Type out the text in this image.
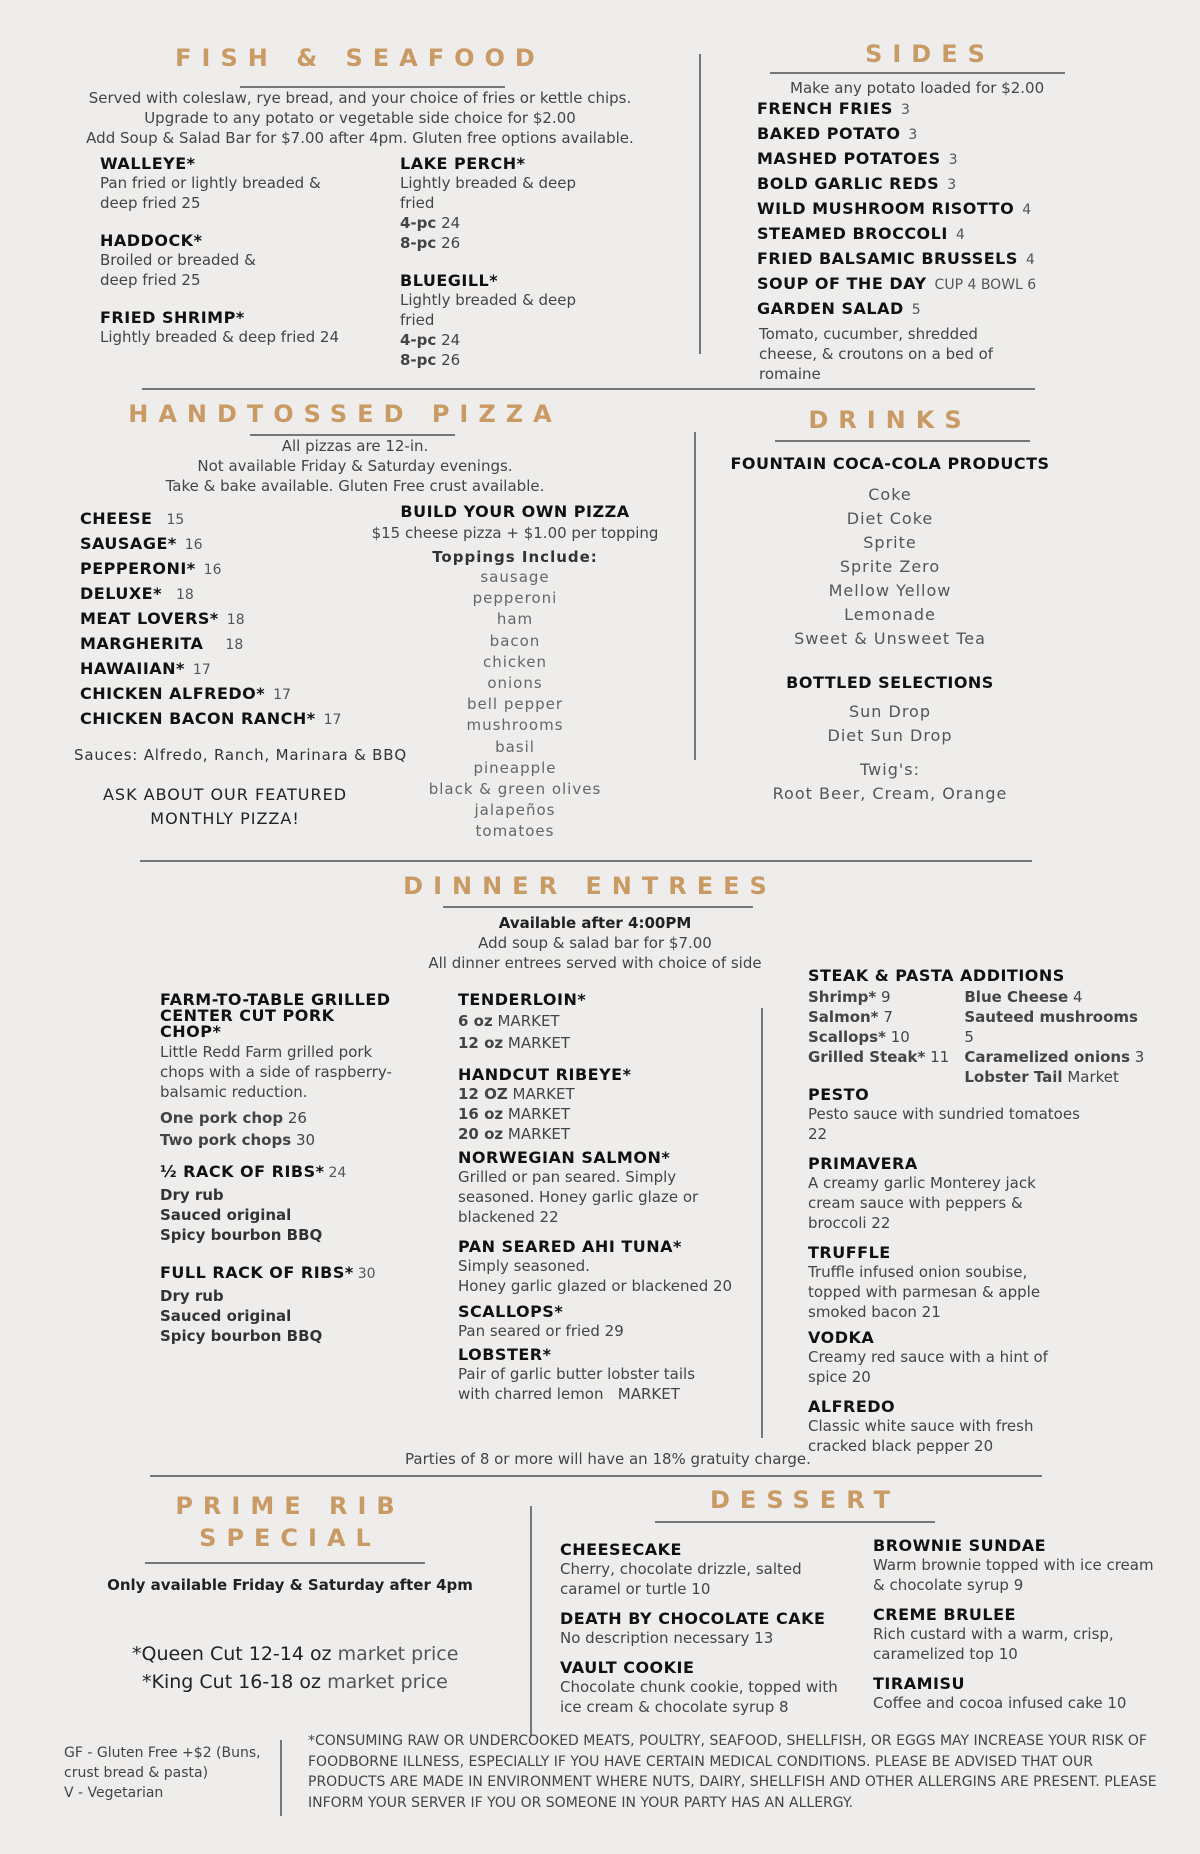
FISH & SEAFOOD
Served with coleslaw, rye bread, and your choice of fries or kettle chips.
Upgrade to any potato or vegetable side choice for $2.00
Add Soup & Salad Bar for $7.00 after 4pm. Gluten free options available.
WALLEYE*
Pan fried or lightly breaded & deep fried 25
HADDOCK*
Broiled or breaded & deep fried 25
FRIED SHRIMP*
Lightly breaded & deep fried 24
LAKE PERCH*
Lightly breaded & deep fried
4-pc 24
8-pc 26
BLUEGILL*
Lightly breaded & deep fried
4-pc 24
8-pc 26
SIDES
Make any potato loaded for $2.00
FRENCH FRIES 3
BAKED POTATO 3
MASHED POTATOES 3
BOLD GARLIC REDS 3
WILD MUSHROOM RISOTTO 4
STEAMED BROCCOLI 4
FRIED BALSAMIC BRUSSELS 4
SOUP OF THE DAY CUP 4 BOWL 6
GARDEN SALAD 5
Tomato, cucumber, shredded cheese, & croutons on a bed of romaine
HANDTOSSED PIZZA
All pizzas are 12-in.
Not available Friday & Saturday evenings.
Take & bake available. Gluten Free crust available.
CHEESE 15
SAUSAGE* 16
PEPPERONI* 16
DELUXE* 18
MEAT LOVERS* 18
MARGHERITA 18
HAWAIIAN* 17
CHICKEN ALFREDO* 17
CHICKEN BACON RANCH* 17
Sauces: Alfredo, Ranch, Marinara & BBQ
ASK ABOUT OUR FEATURED
MONTHLY PIZZA!
BUILD YOUR OWN PIZZA
$15 cheese pizza + $1.00 per topping
Toppings Include:
sausage
pepperoni
ham
bacon
chicken
onions
bell pepper
mushrooms
basil
pineapple
black & green olives
jalapeños
tomatoes
DRINKS
FOUNTAIN COCA-COLA PRODUCTS
Coke
Diet Coke
Sprite
Sprite Zero
Mellow Yellow
Lemonade
Sweet & Unsweet Tea
BOTTLED SELECTIONS
Sun Drop
Diet Sun Drop
Twig's:
Root Beer, Cream, Orange
DINNER ENTREES
Available after 4:00PM
Add soup & salad bar for $7.00
All dinner entrees served with choice of side
FARM-TO-TABLE GRILLED CENTER CUT PORK CHOP*
Little Redd Farm grilled pork chops with a side of raspberry-balsamic reduction.
One pork chop 26
Two pork chops 30
½ RACK OF RIBS* 24
Dry rub
Sauced original
Spicy bourbon BBQ
FULL RACK OF RIBS* 30
Dry rub
Sauced original
Spicy bourbon BBQ
TENDERLOIN*
6 oz MARKET
12 oz MARKET
HANDCUT RIBEYE*
12 OZ MARKET
16 oz MARKET
20 oz MARKET
NORWEGIAN SALMON*
Grilled or pan seared. Simply seasoned. Honey garlic glaze or blackened 22
PAN SEARED AHI TUNA*
Simply seasoned.
Honey garlic glazed or blackened 20
SCALLOPS*
Pan seared or fried 29
LOBSTER*
Pair of garlic butter lobster tails with charred lemon   MARKET
STEAK & PASTA ADDITIONS
Shrimp* 9
Salmon* 7
Scallops* 10
Grilled Steak* 11
Blue Cheese 4
Sauteed mushrooms 5
Caramelized onions 3
Lobster Tail Market
PESTO
Pesto sauce with sundried tomatoes 22
PRIMAVERA
A creamy garlic Monterey jack cream sauce with peppers & broccoli 22
TRUFFLE
Truffle infused onion soubise, topped with parmesan & apple smoked bacon 21
VODKA
Creamy red sauce with a hint of spice 20
ALFREDO
Classic white sauce with fresh cracked black pepper 20
Parties of 8 or more will have an 18% gratuity charge.
PRIME RIB
SPECIAL
Only available Friday & Saturday after 4pm
*Queen Cut 12-14 oz market price
*King Cut 16-18 oz market price
DESSERT
CHEESECAKE
Cherry, chocolate drizzle, salted caramel or turtle 10
DEATH BY CHOCOLATE CAKE
No description necessary 13
VAULT COOKIE
Chocolate chunk cookie, topped with ice cream & chocolate syrup 8
BROWNIE SUNDAE
Warm brownie topped with ice cream & chocolate syrup 9
CREME BRULEE
Rich custard with a warm, crisp, caramelized top 10
TIRAMISU
Coffee and cocoa infused cake 10
GF - Gluten Free +$2 (Buns, crust bread & pasta)
V - Vegetarian
*CONSUMING RAW OR UNDERCOOKED MEATS, POULTRY, SEAFOOD, SHELLFISH, OR EGGS MAY INCREASE YOUR RISK OF FOODBORNE ILLNESS, ESPECIALLY IF YOU HAVE CERTAIN MEDICAL CONDITIONS. PLEASE BE ADVISED THAT OUR PRODUCTS ARE MADE IN ENVIRONMENT WHERE NUTS, DAIRY, SHELLFISH AND OTHER ALLERGINS ARE PRESENT. PLEASE INFORM YOUR SERVER IF YOU OR SOMEONE IN YOUR PARTY HAS AN ALLERGY.
